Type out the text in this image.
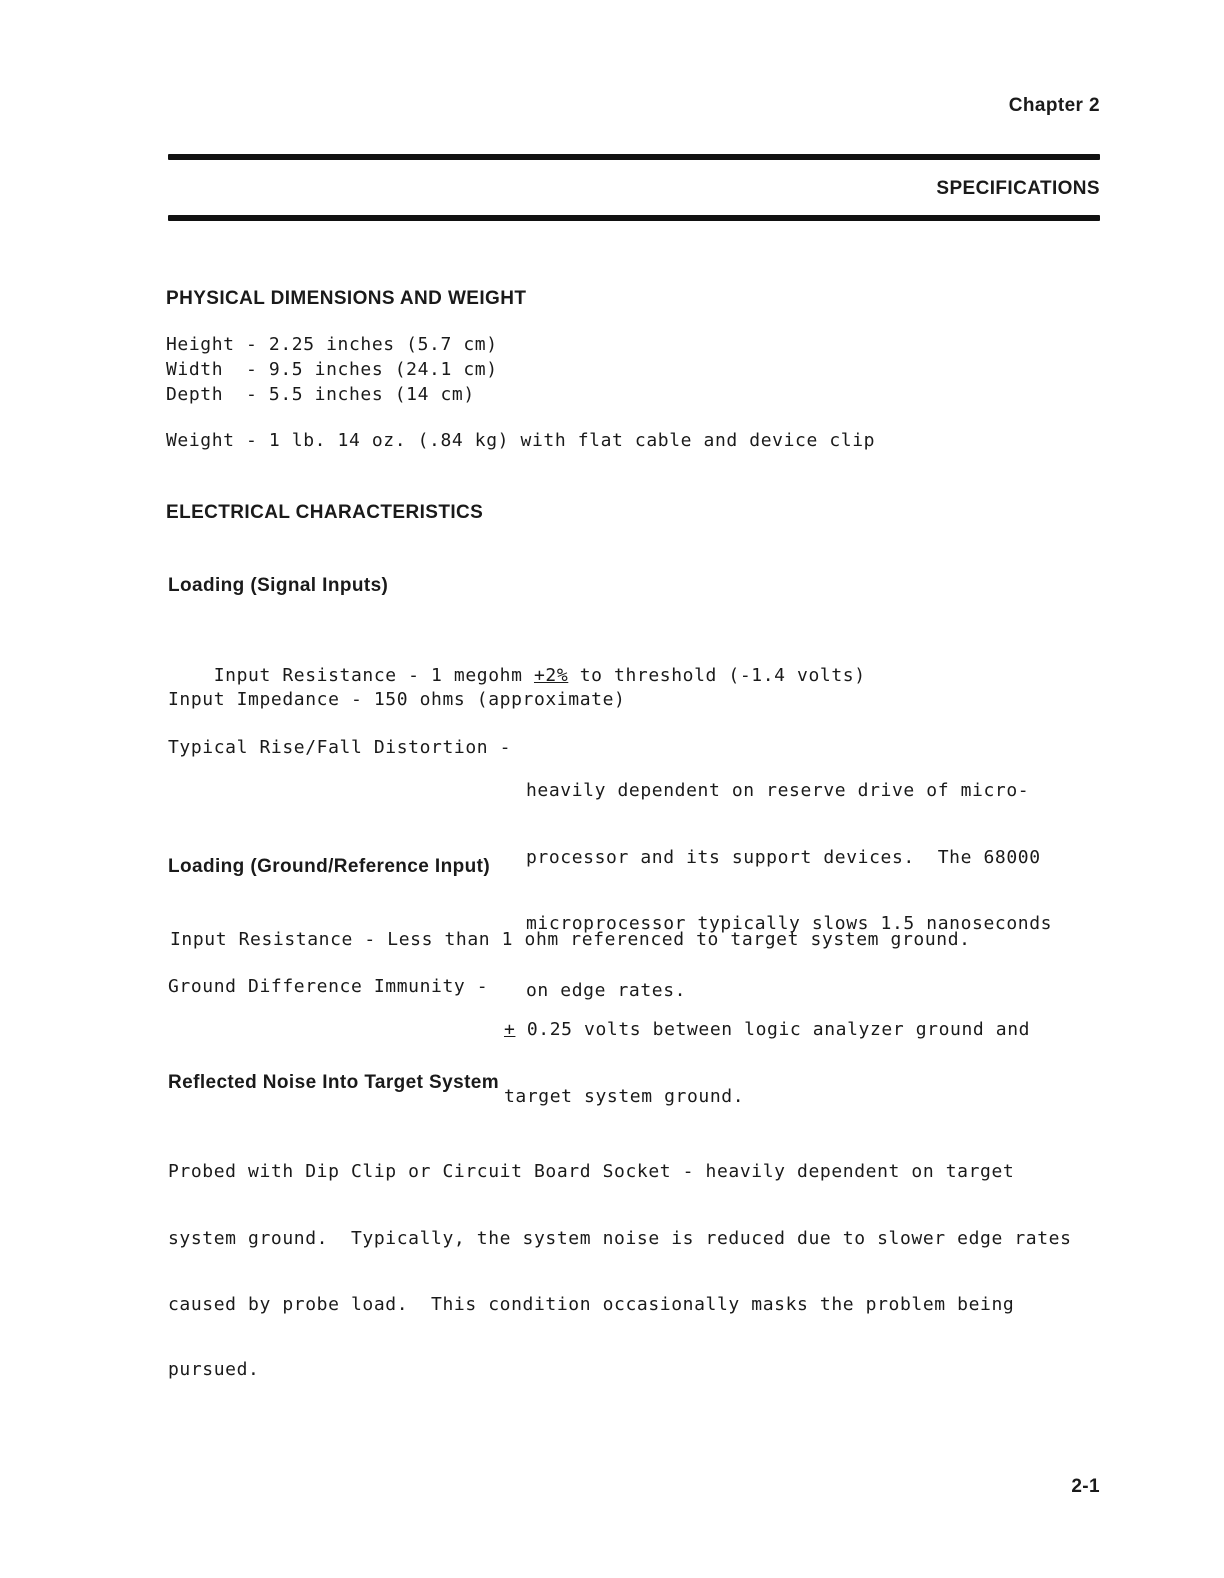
Chapter 2
SPECIFICATIONS
PHYSICAL DIMENSIONS AND WEIGHT
Height - 2.25 inches (5.7 cm)
Width  - 9.5 inches (24.1 cm)
Depth  - 5.5 inches (14 cm)
Weight - 1 lb. 14 oz. (.84 kg) with flat cable and device clip
ELECTRICAL CHARACTERISTICS
Loading (Signal Inputs)

Input Resistance - 1 megohm +2% to threshold (-1.4 volts)

Input Impedance - 150 ohms (approximate)
Typical Rise/Fall Distortion -

heavily dependent on reserve drive of micro-

processor and its support devices.  The 68000

microprocessor typically slows 1.5 nanoseconds

on edge rates.

Loading (Ground/Reference Input)
Input Resistance - Less than 1 ohm referenced to target system ground.
Ground Difference Immunity -

+ 0.25 volts between logic analyzer ground and

target system ground.

Reflected Noise Into Target System

Probed with Dip Clip or Circuit Board Socket - heavily dependent on target

system ground.  Typically, the system noise is reduced due to slower edge rates

caused by probe load.  This condition occasionally masks the problem being

pursued.

2-1
